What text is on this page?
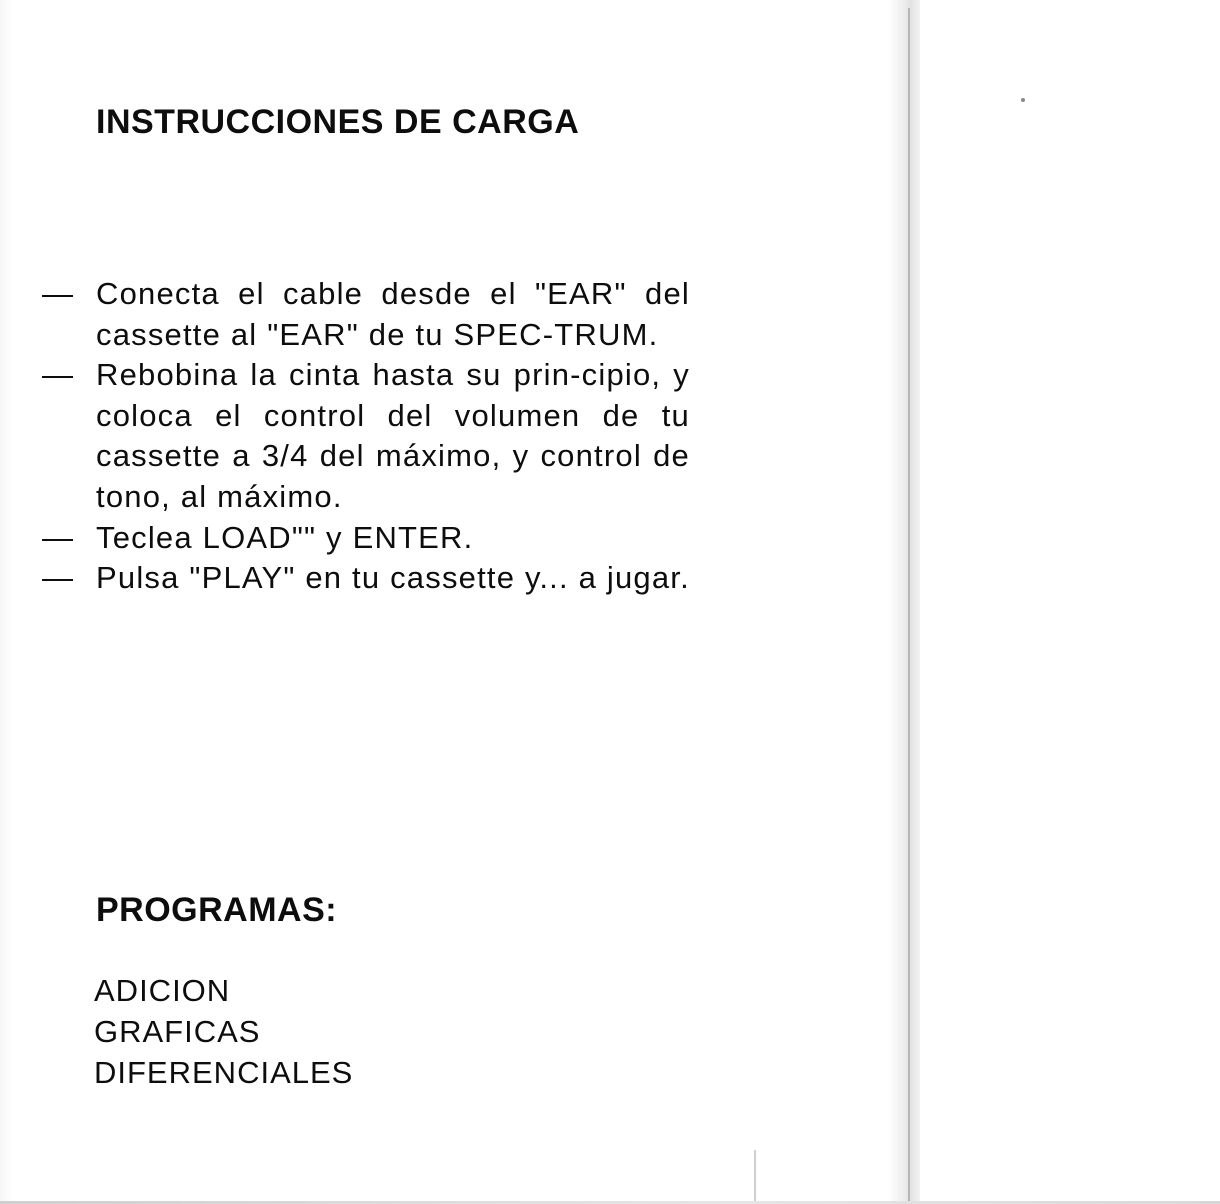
INSTRUCCIONES DE CARGA
— Conecta el cable desde el "EAR" del cassette al "EAR" de tu SPEC-TRUM.
— Rebobina la cinta hasta su prin-cipio, y coloca el control del volumen de tu cassette a 3/4 del máximo, y control de tono, al máximo.
— Teclea LOAD"" y ENTER.
— Pulsa "PLAY" en tu cassette y... a jugar.
PROGRAMAS:
ADICION
GRAFICAS
DIFERENCIALES
